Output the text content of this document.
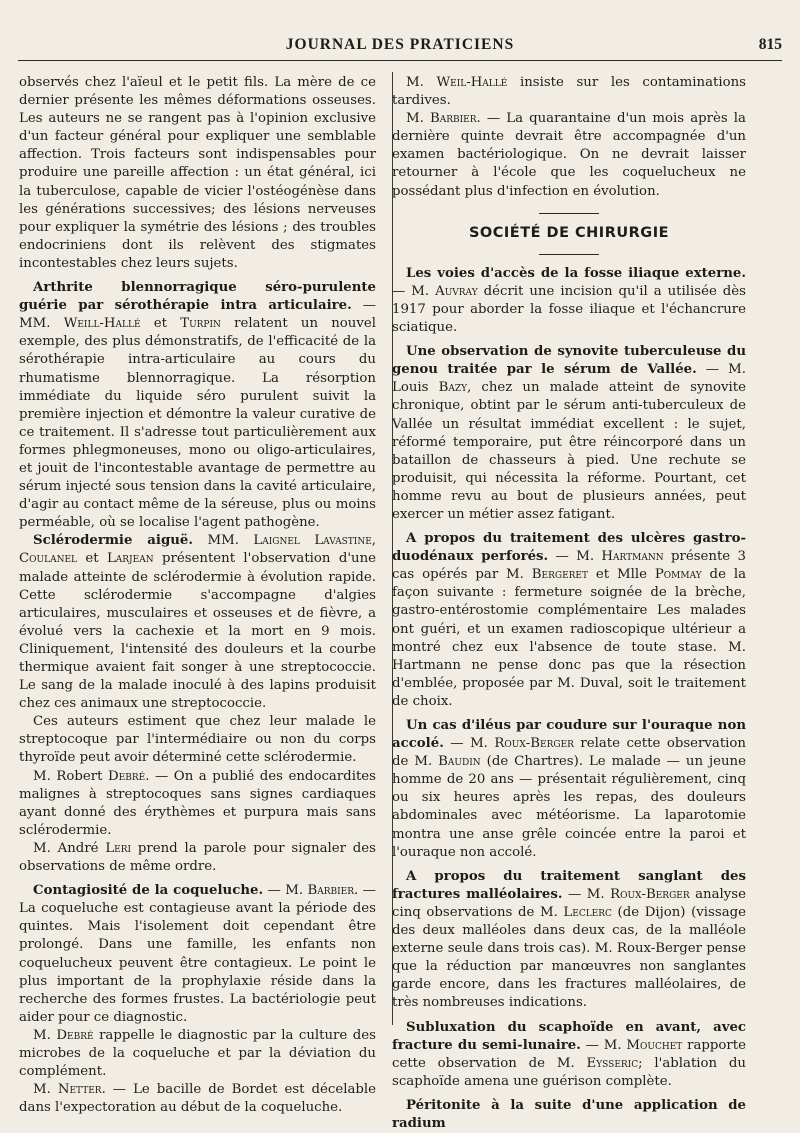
JOURNAL DES PRATICIENS	815

observés chez l'aïeul et le petit fils. La mère de ce dernier présente les mêmes déformations osseuses. Les auteurs ne se rangent pas à l'opinion exclusive d'un facteur général pour expliquer une semblable affection. Trois facteurs sont indispensables pour produire une pareille affection : un état général, ici la tuberculose, capable de vicier l'ostéogénèse dans les générations successives; des lésions nerveuses pour expliquer la symétrie des lésions ; des troubles endocriniens dont ils relèvent des stigmates incontestables chez leurs sujets.

Arthrite blennorragique séro-purulente guérie par sérothérapie intra articulaire. — MM. Weill-Hallé et Turpin relatent un nouvel exemple, des plus démonstratifs, de l'efficacité de la sérothérapie intra-articulaire au cours du rhumatisme blennorragique. La résorption immédiate du liquide séro purulent suivit la première injection et démontre la valeur curative de ce traitement. Il s'adresse tout particulièrement aux formes phlegmoneuses, mono ou oligo-articulaires, et jouit de l'incontestable avantage de permettre au sérum injecté sous tension dans la cavité articulaire, d'agir au contact même de la séreuse, plus ou moins perméable, où se localise l'agent pathogène.

Sclérodermie aiguë. MM. Laignel Lavastine, Coulanel et Larjean présentent l'observation d'une malade atteinte de sclérodermie à évolution rapide. Cette sclérodermie s'accompagne d'algies articulaires, musculaires et osseuses et de fièvre, a évolué vers la cachexie et la mort en 9 mois. Cliniquement, l'intensité des douleurs et la courbe thermique avaient fait songer à une streptococcie. Le sang de la malade inoculé à des lapins produisit chez ces animaux une streptococcie.

Ces auteurs estiment que chez leur malade le streptocoque par l'intermédiaire ou non du corps thyroïde peut avoir déterminé cette sclérodermie.

M. Robert Debré. — On a publié des endocardites malignes à streptocoques sans signes cardiaques ayant donné des érythèmes et purpura mais sans sclérodermie.

M. André Leri prend la parole pour signaler des observations de même ordre.

Contagiosité de la coqueluche. — M. Barbier. — La coqueluche est contagieuse avant la période des quintes. Mais l'isolement doit cependant être prolongé. Dans une famille, les enfants non coquelucheux peuvent être contagieux. Le point le plus important de la prophylaxie réside dans la recherche des formes frustes. La bactériologie peut aider pour ce diagnostic.

M. Debré rappelle le diagnostic par la culture des microbes de la coqueluche et par la déviation du complément.

M. Netter. — Le bacille de Bordet est décelable dans l'expectoration au début de la coqueluche.

M. Weil-Hallé insiste sur les contaminations tardives.

M. Barbier. — La quarantaine d'un mois après la dernière quinte devrait être accompagnée d'un examen bactériologique. On ne devrait laisser retourner à l'école que les coquelucheux ne possédant plus d'infection en évolution.

SOCIÉTÉ DE CHIRURGIE

Les voies d'accès de la fosse iliaque externe. — M. Auvray décrit une incision qu'il a utilisée dès 1917 pour aborder la fosse iliaque et l'échancrure sciatique.

Une observation de synovite tuberculeuse du genou traitée par le sérum de Vallée. — M. Louis Bazy, chez un malade atteint de synovite chronique, obtint par le sérum anti-tuberculeux de Vallée un résultat immédiat excellent : le sujet, réformé temporaire, put être réincorporé dans un bataillon de chasseurs à pied. Une rechute se produisit, qui nécessita la réforme. Pourtant, cet homme revu au bout de plusieurs années, peut exercer un métier assez fatigant.

A propos du traitement des ulcères gastro-duodénaux perforés. — M. Hartmann présente 3 cas opérés par M. Bergeret et Mlle Pommay de la façon suivante : fermeture soignée de la brèche, gastro-entérostomie complémentaire Les malades ont guéri, et un examen radioscopique ultérieur a montré chez eux l'absence de toute stase. M. Hartmann ne pense donc pas que la résection d'emblée, proposée par M. Duval, soit le traitement de choix.

Un cas d'iléus par coudure sur l'ouraque non accolé. — M. Roux-Berger relate cette observation de M. Baudin (de Chartres). Le malade — un jeune homme de 20 ans — présentait régulièrement, cinq ou six heures après les repas, des douleurs abdominales avec météorisme. La laparotomie montra une anse grêle coincée entre la paroi et l'ouraque non accolé.

A propos du traitement sanglant des fractures malléolaires. — M. Roux-Berger analyse cinq observations de M. Leclerc (de Dijon) (vissage des deux malléoles dans deux cas, de la malléole externe seule dans trois cas). M. Roux-Berger pense que la réduction par manœuvres non sanglantes garde encore, dans les fractures malléolaires, de très nombreuses indications.

Subluxation du scaphoïde en avant, avec fracture du semi-lunaire. — M. Mouchet rapporte cette observation de M. Eysseric; l'ablation du scaphoïde amena une guérison complète.

Péritonite à la suite d'une application de radium
